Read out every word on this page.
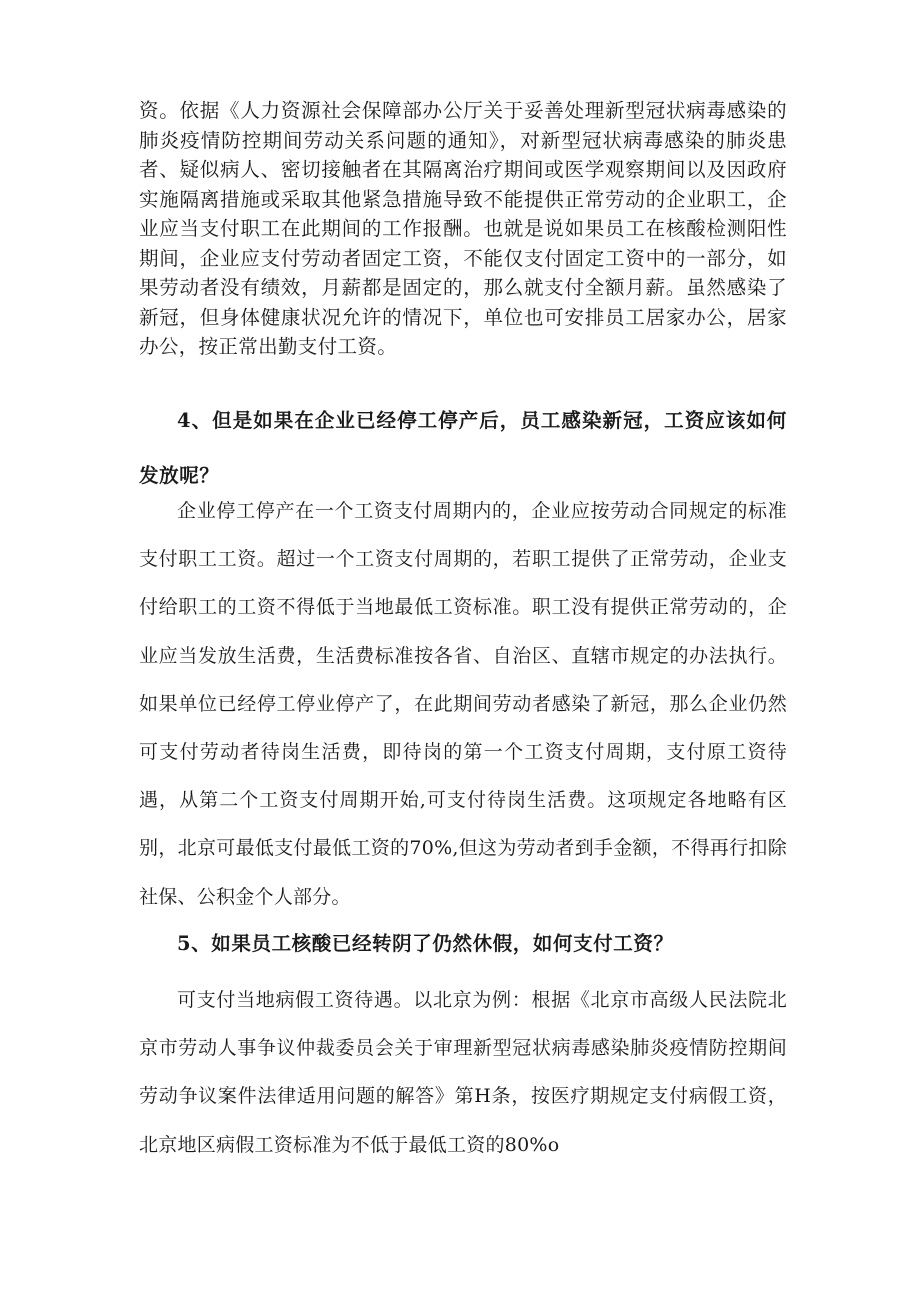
资。依据《人力资源社会保障部办公厅关于妥善处理新型冠状病毒感染的肺炎疫情防控期间劳动关系问题的通知》，对新型冠状病毒感染的肺炎患者、疑似病人、密切接触者在其隔离治疗期间或医学观察期间以及因政府实施隔离措施或采取其他紧急措施导致不能提供正常劳动的企业职工，企业应当支付职工在此期间的工作报酬。也就是说如果员工在核酸检测阳性期间，企业应支付劳动者固定工资，不能仅支付固定工资中的一部分，如果劳动者没有绩效，月薪都是固定的，那么就支付全额月薪。虽然感染了新冠，但身体健康状况允许的情况下，单位也可安排员工居家办公，居家办公，按正常出勤支付工资。

4、但是如果在企业已经停工停产后，员工感染新冠，工资应该如何发放呢？

企业停工停产在一个工资支付周期内的，企业应按劳动合同规定的标准支付职工工资。超过一个工资支付周期的，若职工提供了正常劳动，企业支付给职工的工资不得低于当地最低工资标准。职工没有提供正常劳动的，企业应当发放生活费，生活费标准按各省、自治区、直辖市规定的办法执行。如果单位已经停工停业停产了，在此期间劳动者感染了新冠，那么企业仍然可支付劳动者待岗生活费，即待岗的第一个工资支付周期，支付原工资待遇，从第二个工资支付周期开始,可支付待岗生活费。这项规定各地略有区别，北京可最低支付最低工资的70%,但这为劳动者到手金额，不得再行扣除社保、公积金个人部分。

5、如果员工核酸已经转阴了仍然休假，如何支付工资？

可支付当地病假工资待遇。以北京为例：根据《北京市高级人民法院北京市劳动人事争议仲裁委员会关于审理新型冠状病毒感染肺炎疫情防控期间劳动争议案件法律适用问题的解答》第H条，按医疗期规定支付病假工资，北京地区病假工资标准为不低于最低工资的80%o
